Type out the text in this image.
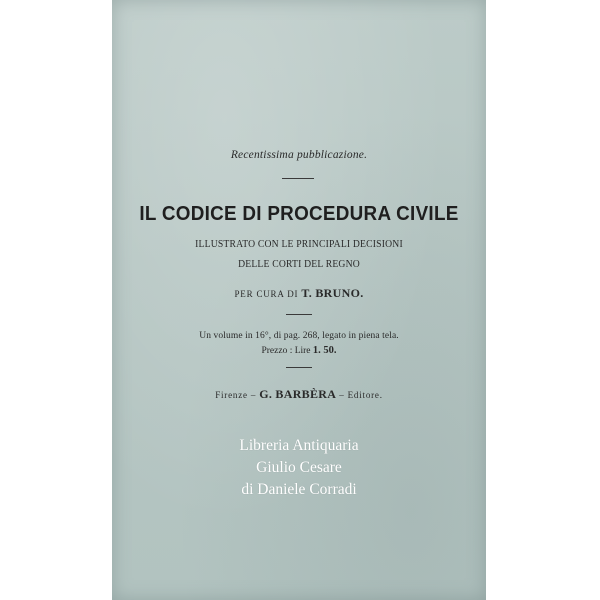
Recentissima pubblicazione.
IL CODICE DI PROCEDURA CIVILE
ILLUSTRATO CON LE PRINCIPALI DECISIONI
DELLE CORTI DEL REGNO
PER CURA DI T. BRUNO.
Un volume in 16°, di pag. 268, legato in piena tela.
Prezzo : Lire 1. 50.
Firenze – G. BARBÈRA – Editore.
Libreria Antiquaria
Giulio Cesare
di Daniele Corradi
